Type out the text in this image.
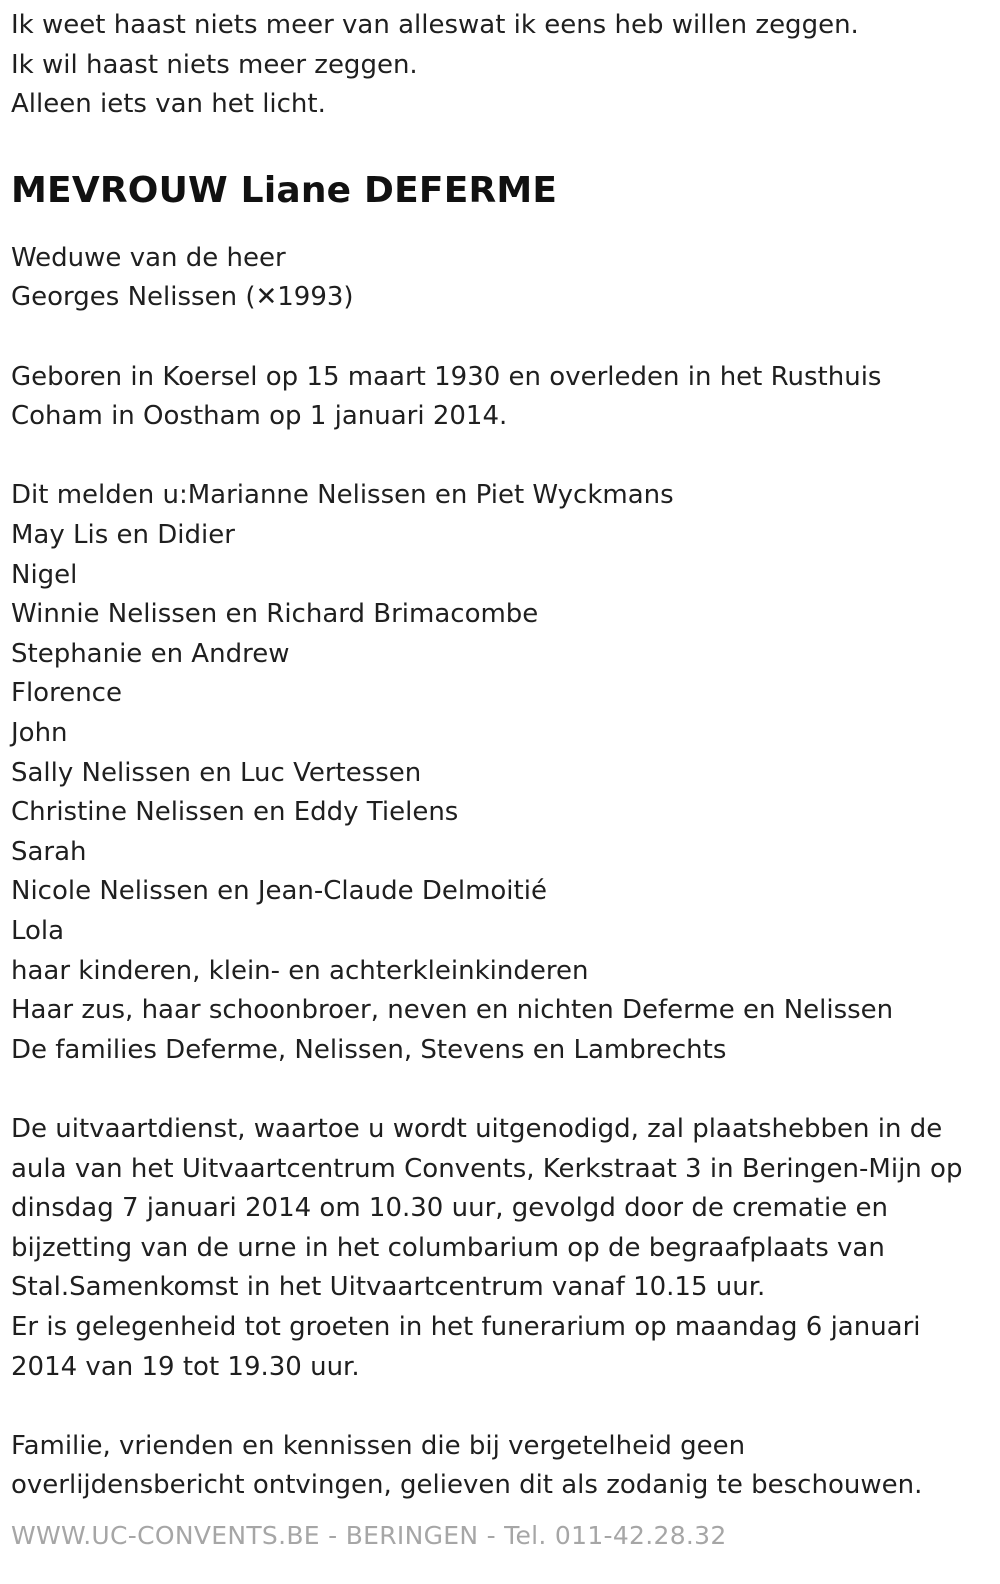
Ik weet haast niets meer van alleswat ik eens heb willen zeggen.

Ik wil haast niets meer zeggen.

Alleen iets van het licht.

MEVROUW Liane DEFERME

Weduwe van de heer

Georges Nelissen (✕1993)

Geboren in Koersel op 15 maart 1930 en overleden in het Rusthuis

Coham in Oostham op 1 januari 2014.

Dit melden u:Marianne Nelissen en Piet Wyckmans

May Lis en Didier

Nigel

Winnie Nelissen en Richard Brimacombe

Stephanie en Andrew

Florence

John

Sally Nelissen en Luc Vertessen

Christine Nelissen en Eddy Tielens

Sarah

Nicole Nelissen en Jean-Claude Delmoitié

Lola

haar kinderen, klein- en achterkleinkinderen

Haar zus, haar schoonbroer, neven en nichten Deferme en Nelissen

De families Deferme, Nelissen, Stevens en Lambrechts

De uitvaartdienst, waartoe u wordt uitgenodigd, zal plaatshebben in de

aula van het Uitvaartcentrum Convents, Kerkstraat 3 in Beringen-Mijn op

dinsdag 7 januari 2014 om 10.30 uur, gevolgd door de crematie en

bijzetting van de urne in het columbarium op de begraafplaats van

Stal.Samenkomst in het Uitvaartcentrum vanaf 10.15 uur.

Er is gelegenheid tot groeten in het funerarium op maandag 6 januari

2014 van 19 tot 19.30 uur.

Familie, vrienden en kennissen die bij vergetelheid geen

overlijdensbericht ontvingen, gelieven dit als zodanig te beschouwen.

WWW.UC-CONVENTS.BE - BERINGEN - Tel. 011-42.28.32
